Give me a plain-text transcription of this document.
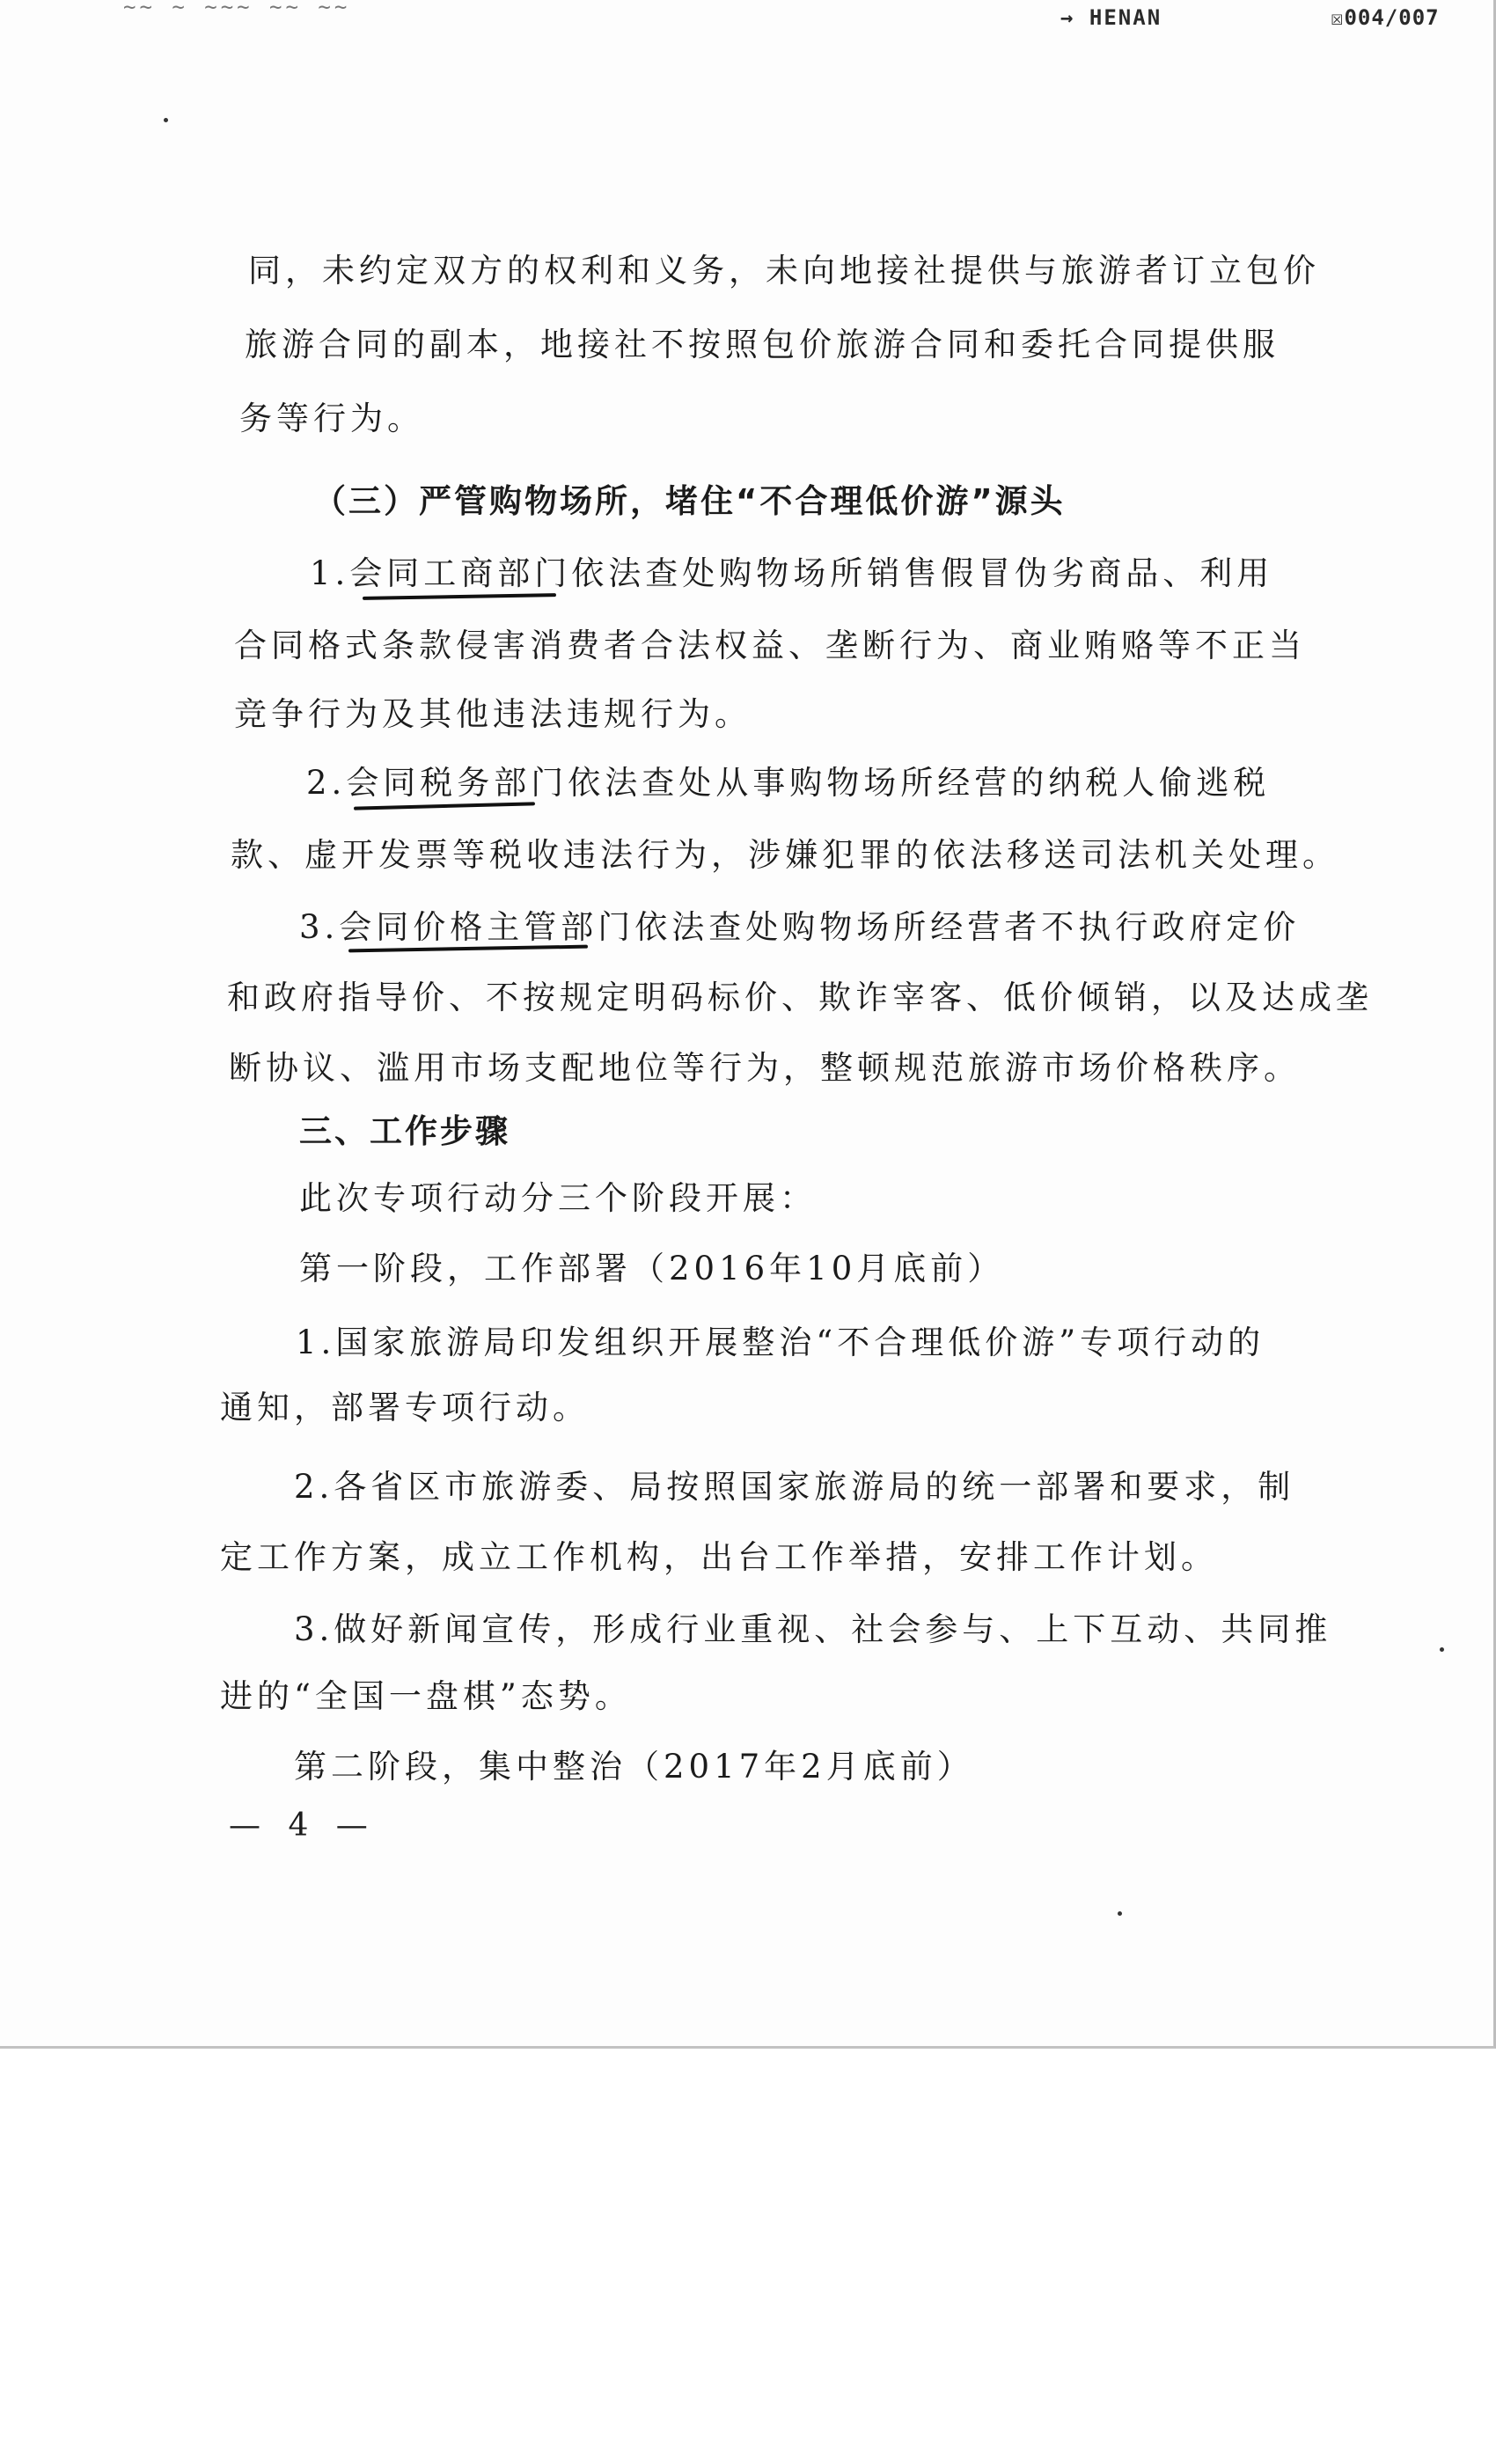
~~ ~ ~~~ ~~ ~~	→ HENAN	☒004/007
同，未约定双方的权利和义务，未向地接社提供与旅游者订立包价
旅游合同的副本，地接社不按照包价旅游合同和委托合同提供服
务等行为。
（三）严管购物场所，堵住“不合理低价游”源头
1.会同工商部门依法查处购物场所销售假冒伪劣商品、利用
合同格式条款侵害消费者合法权益、垄断行为、商业贿赂等不正当
竞争行为及其他违法违规行为。
2.会同税务部门依法查处从事购物场所经营的纳税人偷逃税
款、虚开发票等税收违法行为，涉嫌犯罪的依法移送司法机关处理。
3.会同价格主管部门依法查处购物场所经营者不执行政府定价
和政府指导价、不按规定明码标价、欺诈宰客、低价倾销，以及达成垄
断协议、滥用市场支配地位等行为，整顿规范旅游市场价格秩序。
三、工作步骤
此次专项行动分三个阶段开展：
第一阶段，工作部署（2016年10月底前）
1.国家旅游局印发组织开展整治“不合理低价游”专项行动的
通知，部署专项行动。
2.各省区市旅游委、局按照国家旅游局的统一部署和要求，制
定工作方案，成立工作机构，出台工作举措，安排工作计划。
3.做好新闻宣传，形成行业重视、社会参与、上下互动、共同推
进的“全国一盘棋”态势。
第二阶段，集中整治（2017年2月底前）
— 4 —
